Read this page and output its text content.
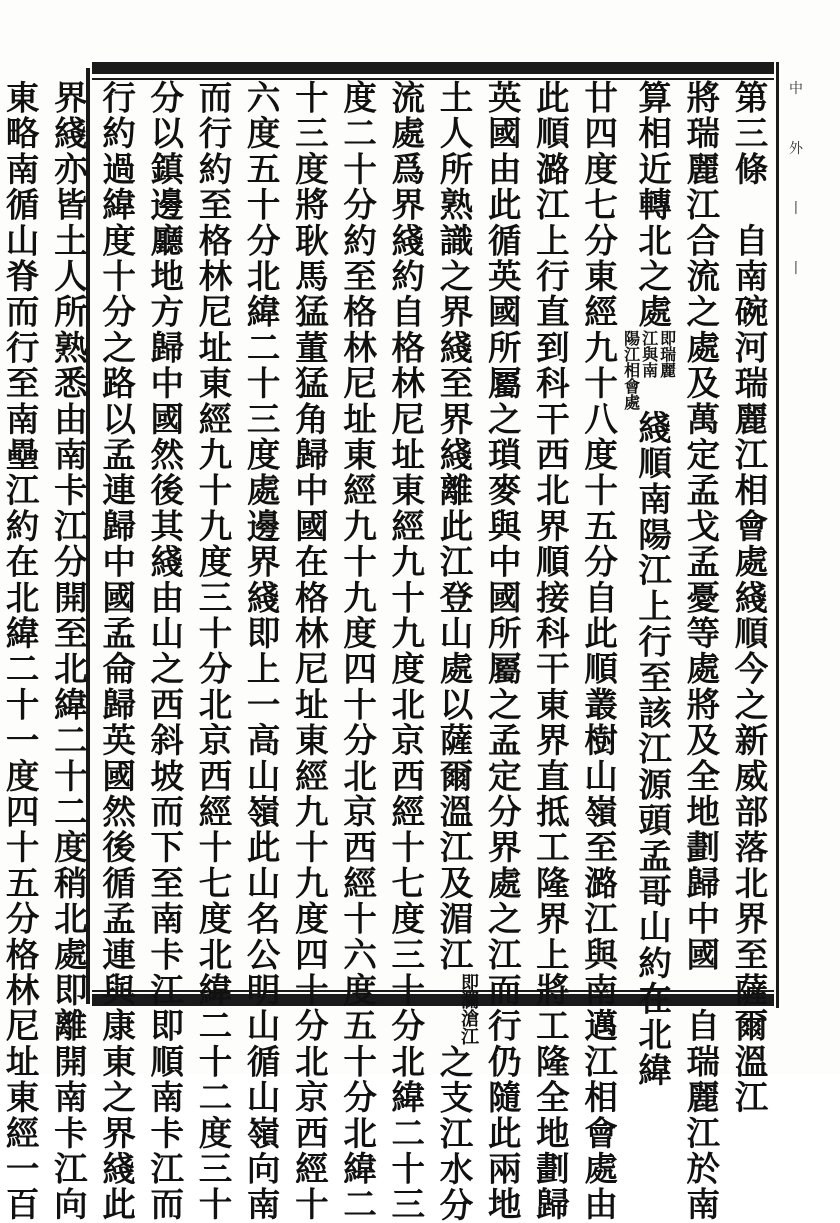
中
外
丨
丨
第三條　自南碗河瑞麗江相會處綫順今之新威部落北界至薩爾溫江
將瑞麗江合流之處及萬定孟戈孟憂等處將及全地劃歸中國　自瑞麗江於南
算相近轉北之處即瑞麗
江與南
陽江相會處綫順南陽江上行至該江源頭孟哥山約在北緯
廿四度七分東經九十八度十五分自此順叢樹山嶺至潞江與南邁江相會處由
此順潞江上行直到科干西北界順接科干東界直抵工隆界上將工隆全地劃歸
英國由此循英國所屬之瑣麥與中國所屬之孟定分界處之江而行仍隨此兩地
土人所熟識之界綫至界綫離此江登山處以薩爾溫江及湄江即瀾滄江之支江水分
流處爲界綫約自格林尼址東經九十九度北京西經十七度三十分北緯二十三
度二十分約至格林尼址東經九十九度四十分北京西經十六度五十分北緯二
十三度將耿馬猛董猛角歸中國在格林尼址東經九十九度四十分北京西經十
六度五十分北緯二十三度處邊界綫即上一高山嶺此山名公明山循山嶺向南
而行約至格林尼址東經九十九度三十分北京西經十七度北緯二十二度三十
分以鎮邊廳地方歸中國然後其綫由山之西斜坡而下至南卡江即順南卡江而
行約過緯度十分之路以孟連歸中國孟侖歸英國然後循孟連與康東之界綫此
界綫亦皆土人所熟悉由南卡江分開至北緯二十二度稍北處即離開南卡江向
東略南循山脊而行至南壘江約在北緯二十一度四十五分格林尼址東經一百
